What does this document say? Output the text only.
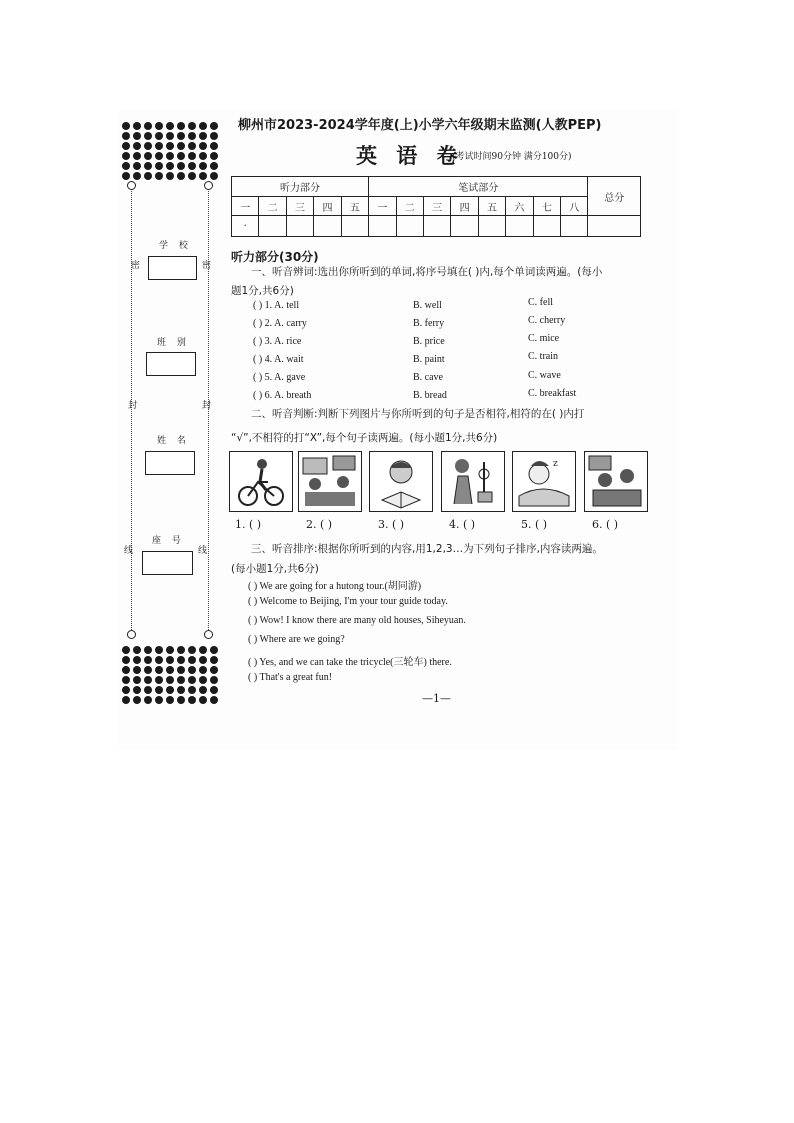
学 校
班 别
姓 名
座 号
密	密
封	封
线	线
柳州市2023-2024学年度(上)小学六年级期末监测(人教PEP)
英 语 卷
(考试时间90分钟 满分100分)
听力部分					笔试部分								总分
一	二	三	四	五	一	二	三	四	五	六	七	八	
·													
听力部分(30分)
一、听音辨词:选出你所听到的单词,将序号填在( )内,每个单词读两遍。(每小
题1分,共6分)
( ) 1. A. tell	B. well	C. fell
( ) 2. A. carry	B. ferry	C. cherry
( ) 3. A. rice	B. price	C. mice
( ) 4. A. wait	B. paint	C. train
( ) 5. A. gave	B. cave	C. wave
( ) 6. A. breath	B. bread	C. breakfast
二、听音判断:判断下列图片与你所听到的句子是否相符,相符的在( )内打
“√”,不相符的打“X”,每个句子读两遍。(每小题1分,共6分)
z
1. ( )	2. ( )	3. ( )	4. ( )	5. ( )	6. ( )
三、听音排序:根据你所听到的内容,用1,2,3…为下列句子排序,内容读两遍。
(每小题1分,共6分)
( ) We are going for a hutong tour.(胡同游)
( ) Welcome to Beijing, I'm your tour guide today.
( ) Wow! I know there are many old houses, Siheyuan.
( ) Where are we going?
( ) Yes, and we can take the tricycle(三轮车) there.
( ) That's a great fun!
—1—
